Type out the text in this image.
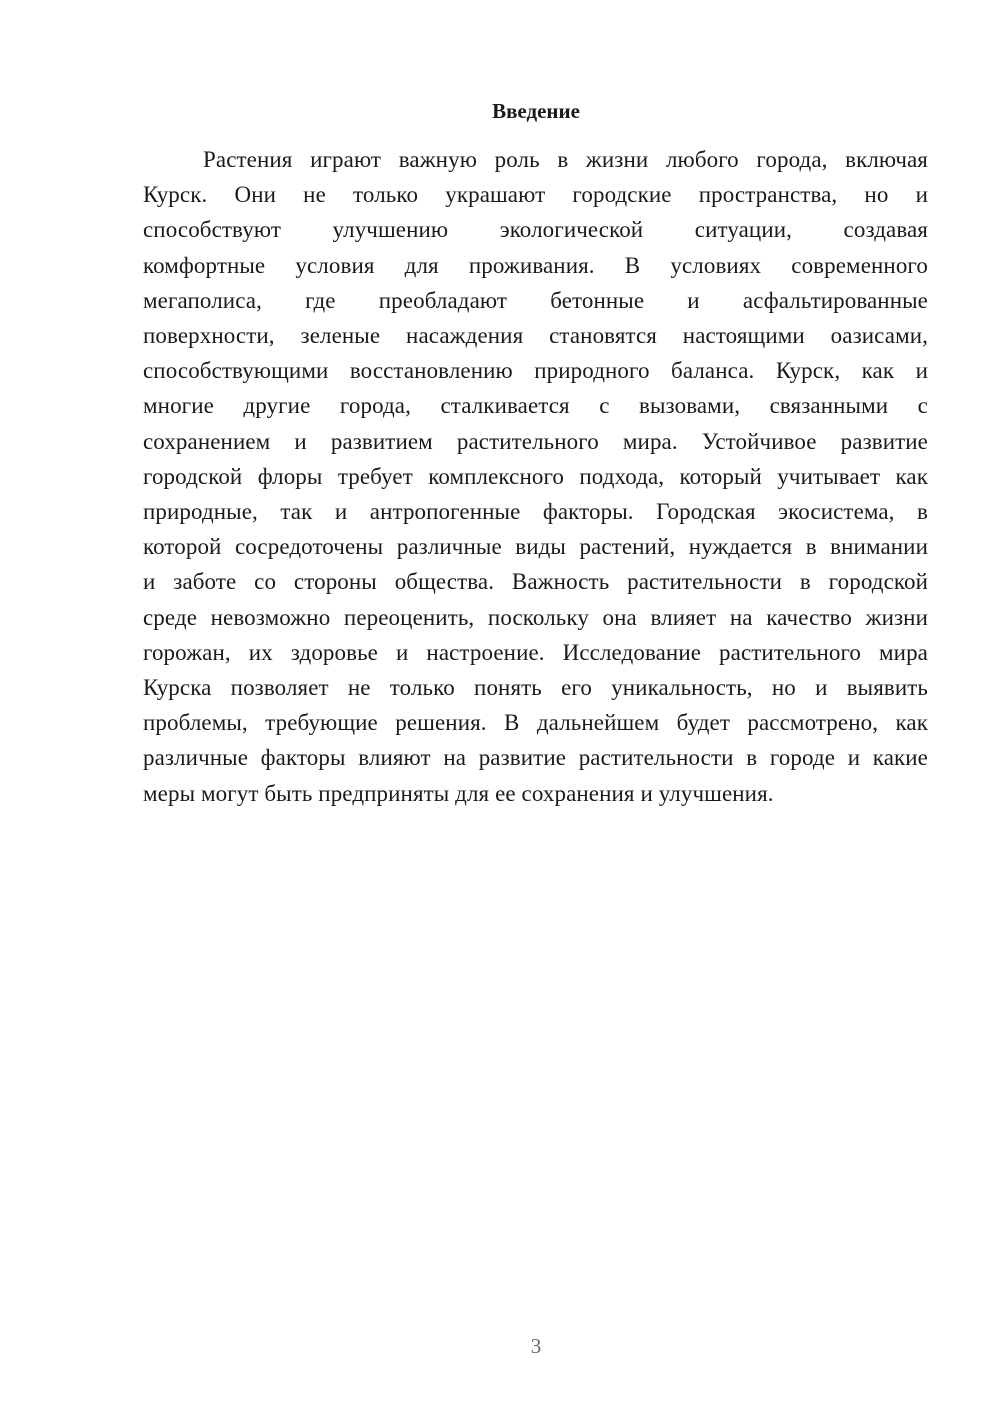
Введение
Растения играют важную роль в жизни любого города, включая
Курск. Они не только украшают городские пространства, но и
способствуют улучшению экологической ситуации, создавая
комфортные условия для проживания. В условиях современного
мегаполиса, где преобладают бетонные и асфальтированные
поверхности, зеленые насаждения становятся настоящими оазисами,
способствующими восстановлению природного баланса. Курск, как и
многие другие города, сталкивается с вызовами, связанными с
сохранением и развитием растительного мира. Устойчивое развитие
городской флоры требует комплексного подхода, который учитывает как
природные, так и антропогенные факторы. Городская экосистема, в
которой сосредоточены различные виды растений, нуждается в внимании
и заботе со стороны общества. Важность растительности в городской
среде невозможно переоценить, поскольку она влияет на качество жизни
горожан, их здоровье и настроение. Исследование растительного мира
Курска позволяет не только понять его уникальность, но и выявить
проблемы, требующие решения. В дальнейшем будет рассмотрено, как
различные факторы влияют на развитие растительности в городе и какие
меры могут быть предприняты для ее сохранения и улучшения.
3
